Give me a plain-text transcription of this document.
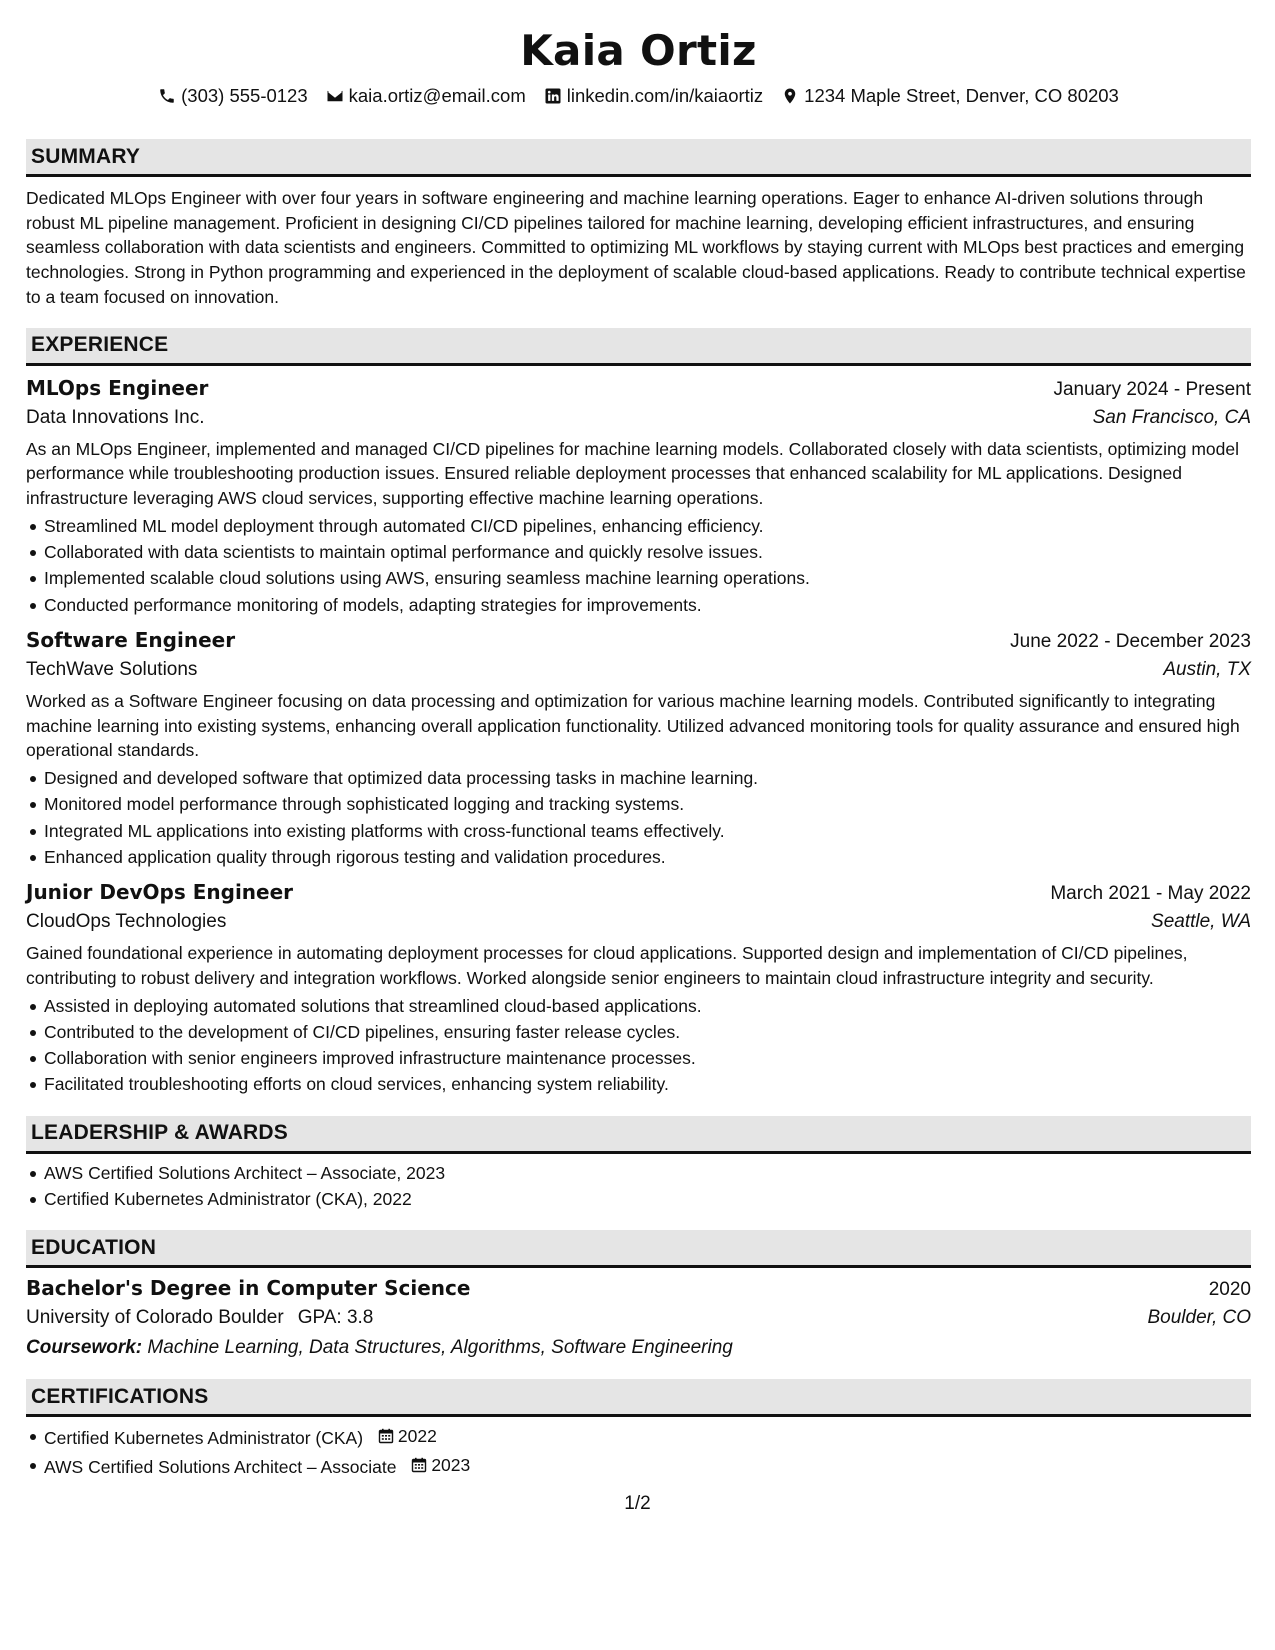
Kaia Ortiz
(303) 555-0123 kaia.ortiz@email.com linkedin.com/in/kaiaortiz 1234 Maple Street, Denver, CO 80203
SUMMARY

Dedicated MLOps Engineer with over four years in software engineering and machine learning operations. Eager to enhance AI-driven solutions through robust ML pipeline management. Proficient in designing CI/CD pipelines tailored for machine learning, developing efficient infrastructures, and ensuring seamless collaboration with data scientists and engineers. Committed to optimizing ML workflows by staying current with MLOps best practices and emerging technologies. Strong in Python programming and experienced in the deployment of scalable cloud-based applications. Ready to contribute technical expertise to a team focused on innovation.

EXPERIENCE
MLOps Engineer	January 2024 - Present
Data Innovations Inc.	San Francisco, CA

As an MLOps Engineer, implemented and managed CI/CD pipelines for machine learning models. Collaborated closely with data scientists, optimizing model performance while troubleshooting production issues. Ensured reliable deployment processes that enhanced scalability for ML applications. Designed infrastructure leveraging AWS cloud services, supporting effective machine learning operations.

Streamlined ML model deployment through automated CI/CD pipelines, enhancing efficiency.
Collaborated with data scientists to maintain optimal performance and quickly resolve issues.
Implemented scalable cloud solutions using AWS, ensuring seamless machine learning operations.
Conducted performance monitoring of models, adapting strategies for improvements.
Software Engineer	June 2022 - December 2023
TechWave Solutions	Austin, TX

Worked as a Software Engineer focusing on data processing and optimization for various machine learning models. Contributed significantly to integrating machine learning into existing systems, enhancing overall application functionality. Utilized advanced monitoring tools for quality assurance and ensured high operational standards.

Designed and developed software that optimized data processing tasks in machine learning.
Monitored model performance through sophisticated logging and tracking systems.
Integrated ML applications into existing platforms with cross-functional teams effectively.
Enhanced application quality through rigorous testing and validation procedures.
Junior DevOps Engineer	March 2021 - May 2022
CloudOps Technologies	Seattle, WA

Gained foundational experience in automating deployment processes for cloud applications. Supported design and implementation of CI/CD pipelines, contributing to robust delivery and integration workflows. Worked alongside senior engineers to maintain cloud infrastructure integrity and security.

Assisted in deploying automated solutions that streamlined cloud-based applications.
Contributed to the development of CI/CD pipelines, ensuring faster release cycles.
Collaboration with senior engineers improved infrastructure maintenance processes.
Facilitated troubleshooting efforts on cloud services, enhancing system reliability.
LEADERSHIP & AWARDS
AWS Certified Solutions Architect – Associate, 2023
Certified Kubernetes Administrator (CKA), 2022
EDUCATION
Bachelor's Degree in Computer Science	2020
University of Colorado Boulder GPA: 3.8	Boulder, CO
Coursework: Machine Learning, Data Structures, Algorithms, Software Engineering
CERTIFICATIONS
Certified Kubernetes Administrator (CKA) 2022
AWS Certified Solutions Architect – Associate 2023
1/2
